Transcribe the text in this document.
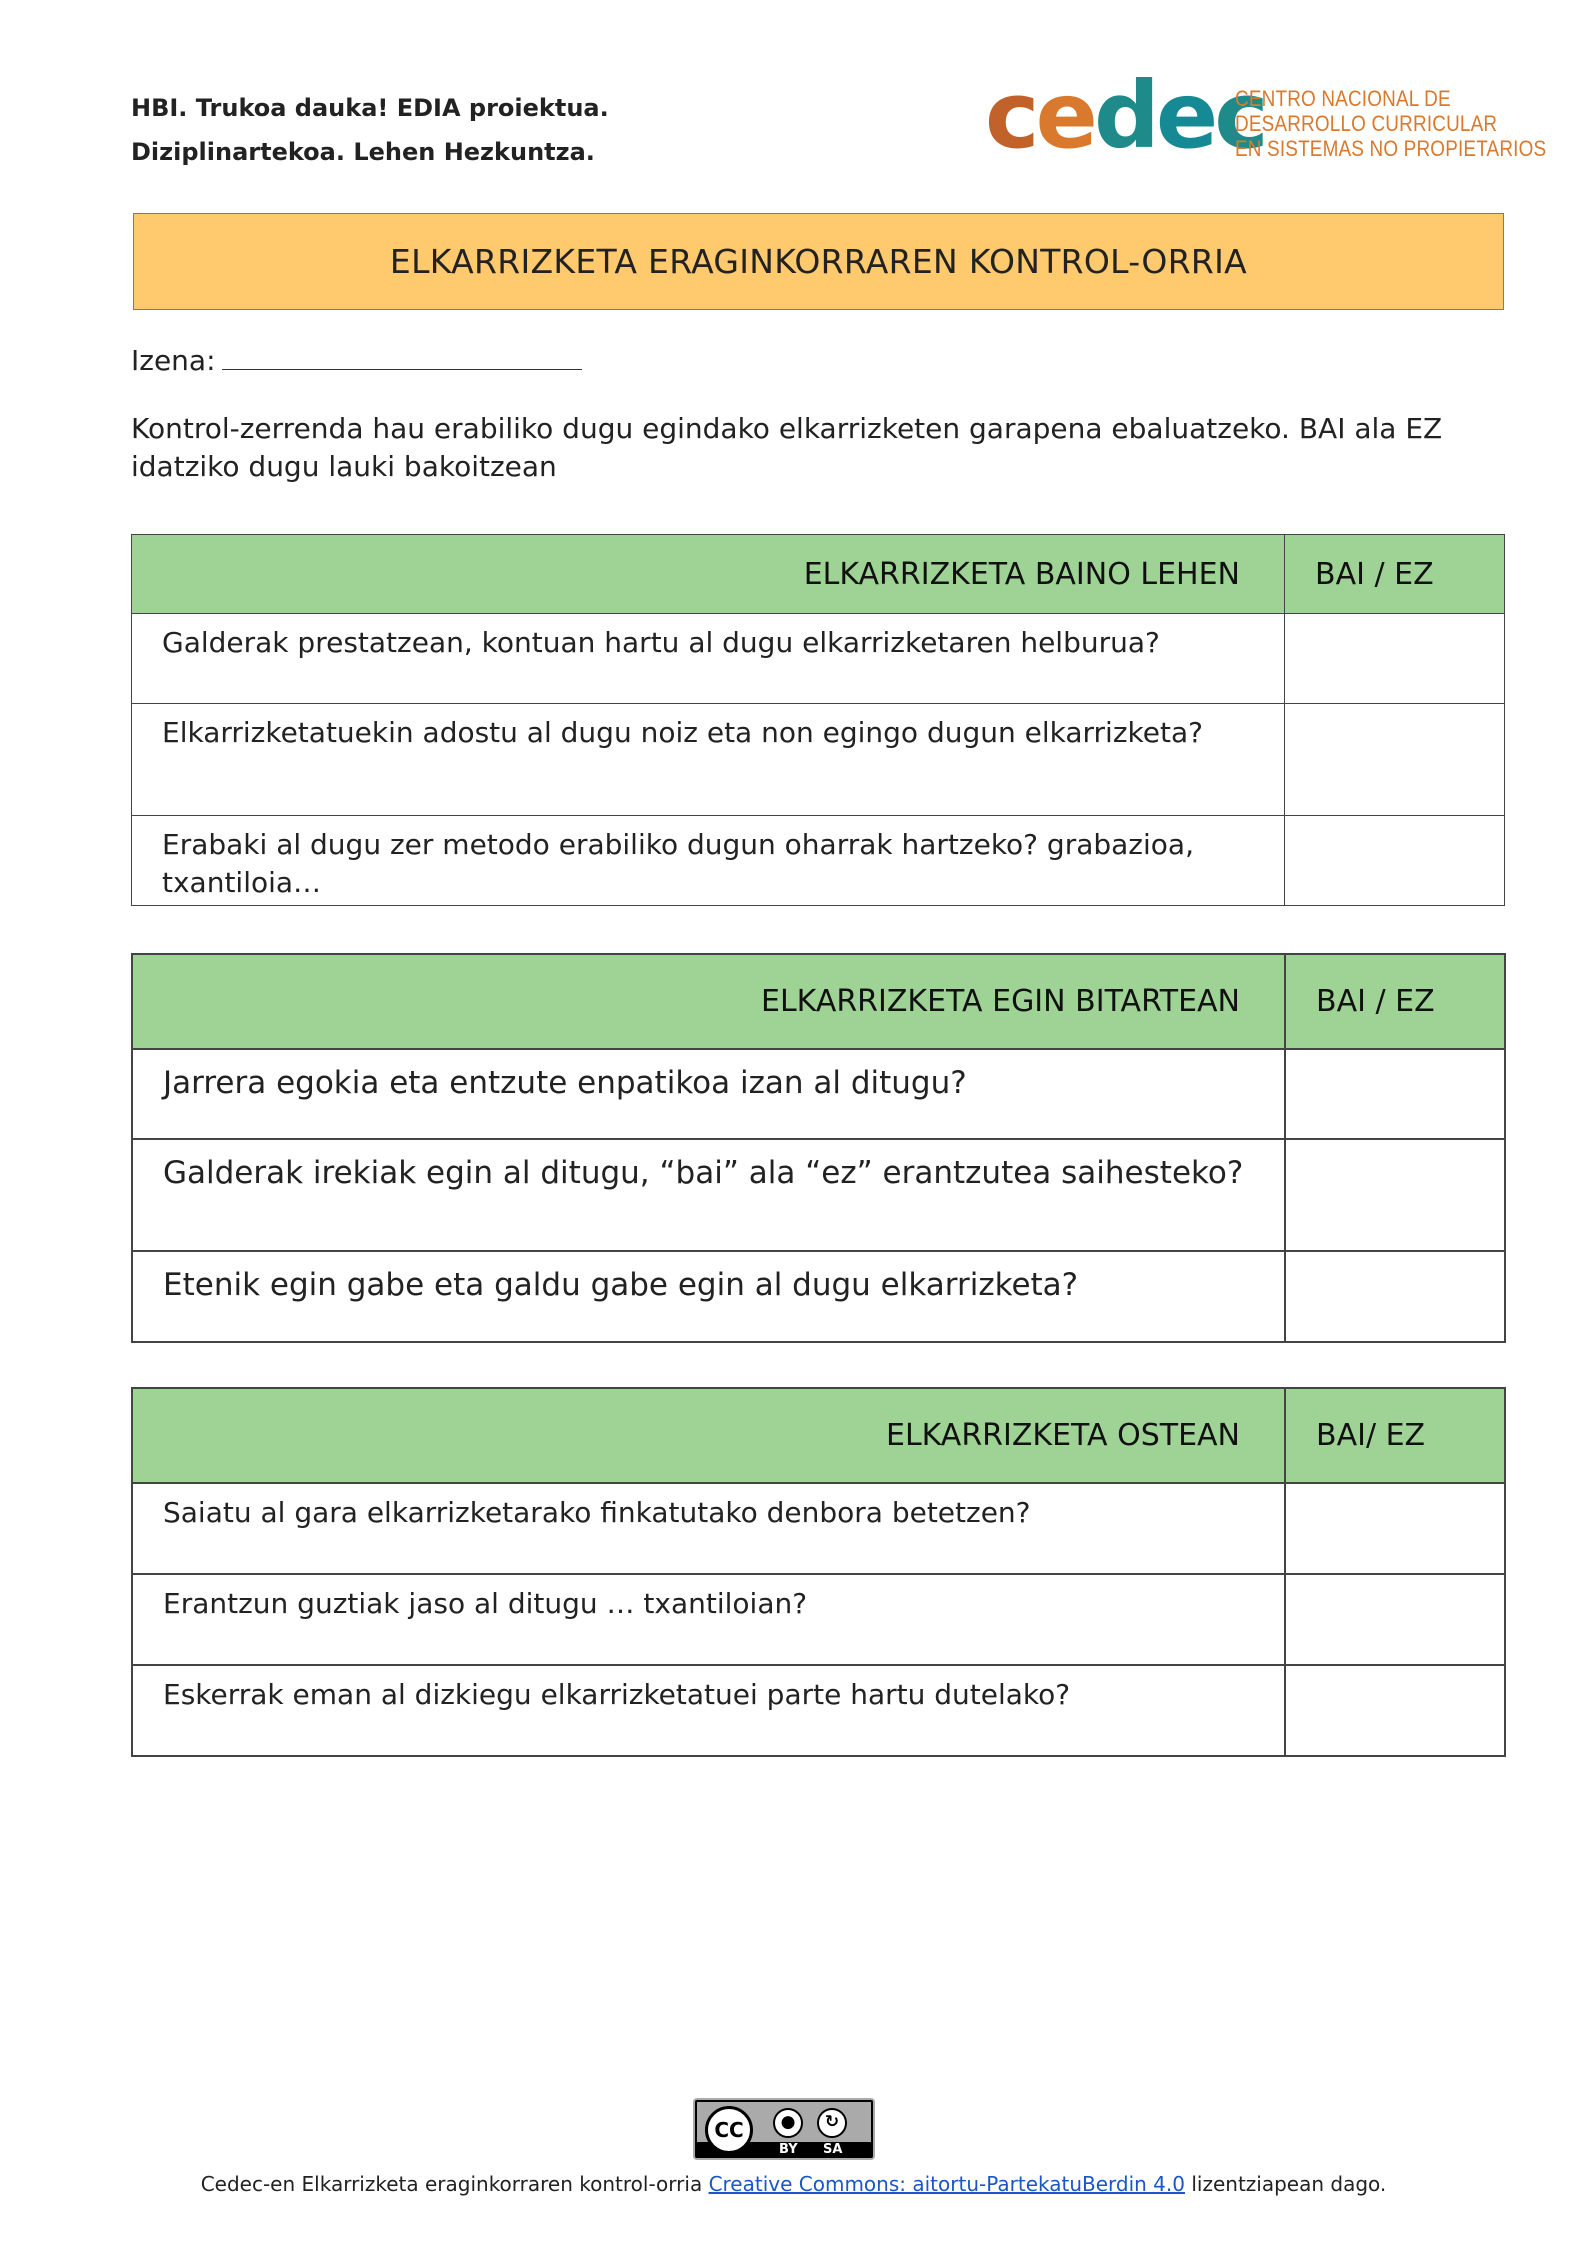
HBI. Trukoa dauka! EDIA proiektua.
Diziplinartekoa. Lehen Hezkuntza.	cedec
CENTRO NACIONAL DE
DESARROLLO CURRICULAR
EN SISTEMAS NO PROPIETARIOS
ELKARRIZKETA ERAGINKORRAREN KONTROL-ORRIA
Izena:
Kontrol-zerrenda hau erabiliko dugu egindako elkarrizketen garapena ebaluatzeko. BAI ala EZ idatziko dugu lauki bakoitzean
ELKARRIZKETA BAINO LEHEN	BAI / EZ
Galderak prestatzean, kontuan hartu al dugu elkarrizketaren helburua?	
Elkarrizketatuekin adostu al dugu noiz eta non egingo dugun elkarrizketa?	
Erabaki al dugu zer metodo erabiliko dugun oharrak hartzeko? grabazioa, txantiloia…	
ELKARRIZKETA EGIN BITARTEAN	BAI / EZ
Jarrera egokia eta entzute enpatikoa izan al ditugu?	
Galderak irekiak egin al ditugu, “bai” ala “ez” erantzutea saihesteko?	
Etenik egin gabe eta galdu gabe egin al dugu elkarrizketa?	
ELKARRIZKETA OSTEAN	BAI/ EZ
Saiatu al gara elkarrizketarako finkatutako denbora betetzen?	
Erantzun guztiak jaso al ditugu … txantiloian?	
Eskerrak eman al dizkiegu elkarrizketatuei parte hartu dutelako?	
CC	●	↻
BY SA
Cedec-en Elkarrizketa eraginkorraren kontrol-orria Creative Commons: aitortu-PartekatuBerdin 4.0 lizentziapean dago.
